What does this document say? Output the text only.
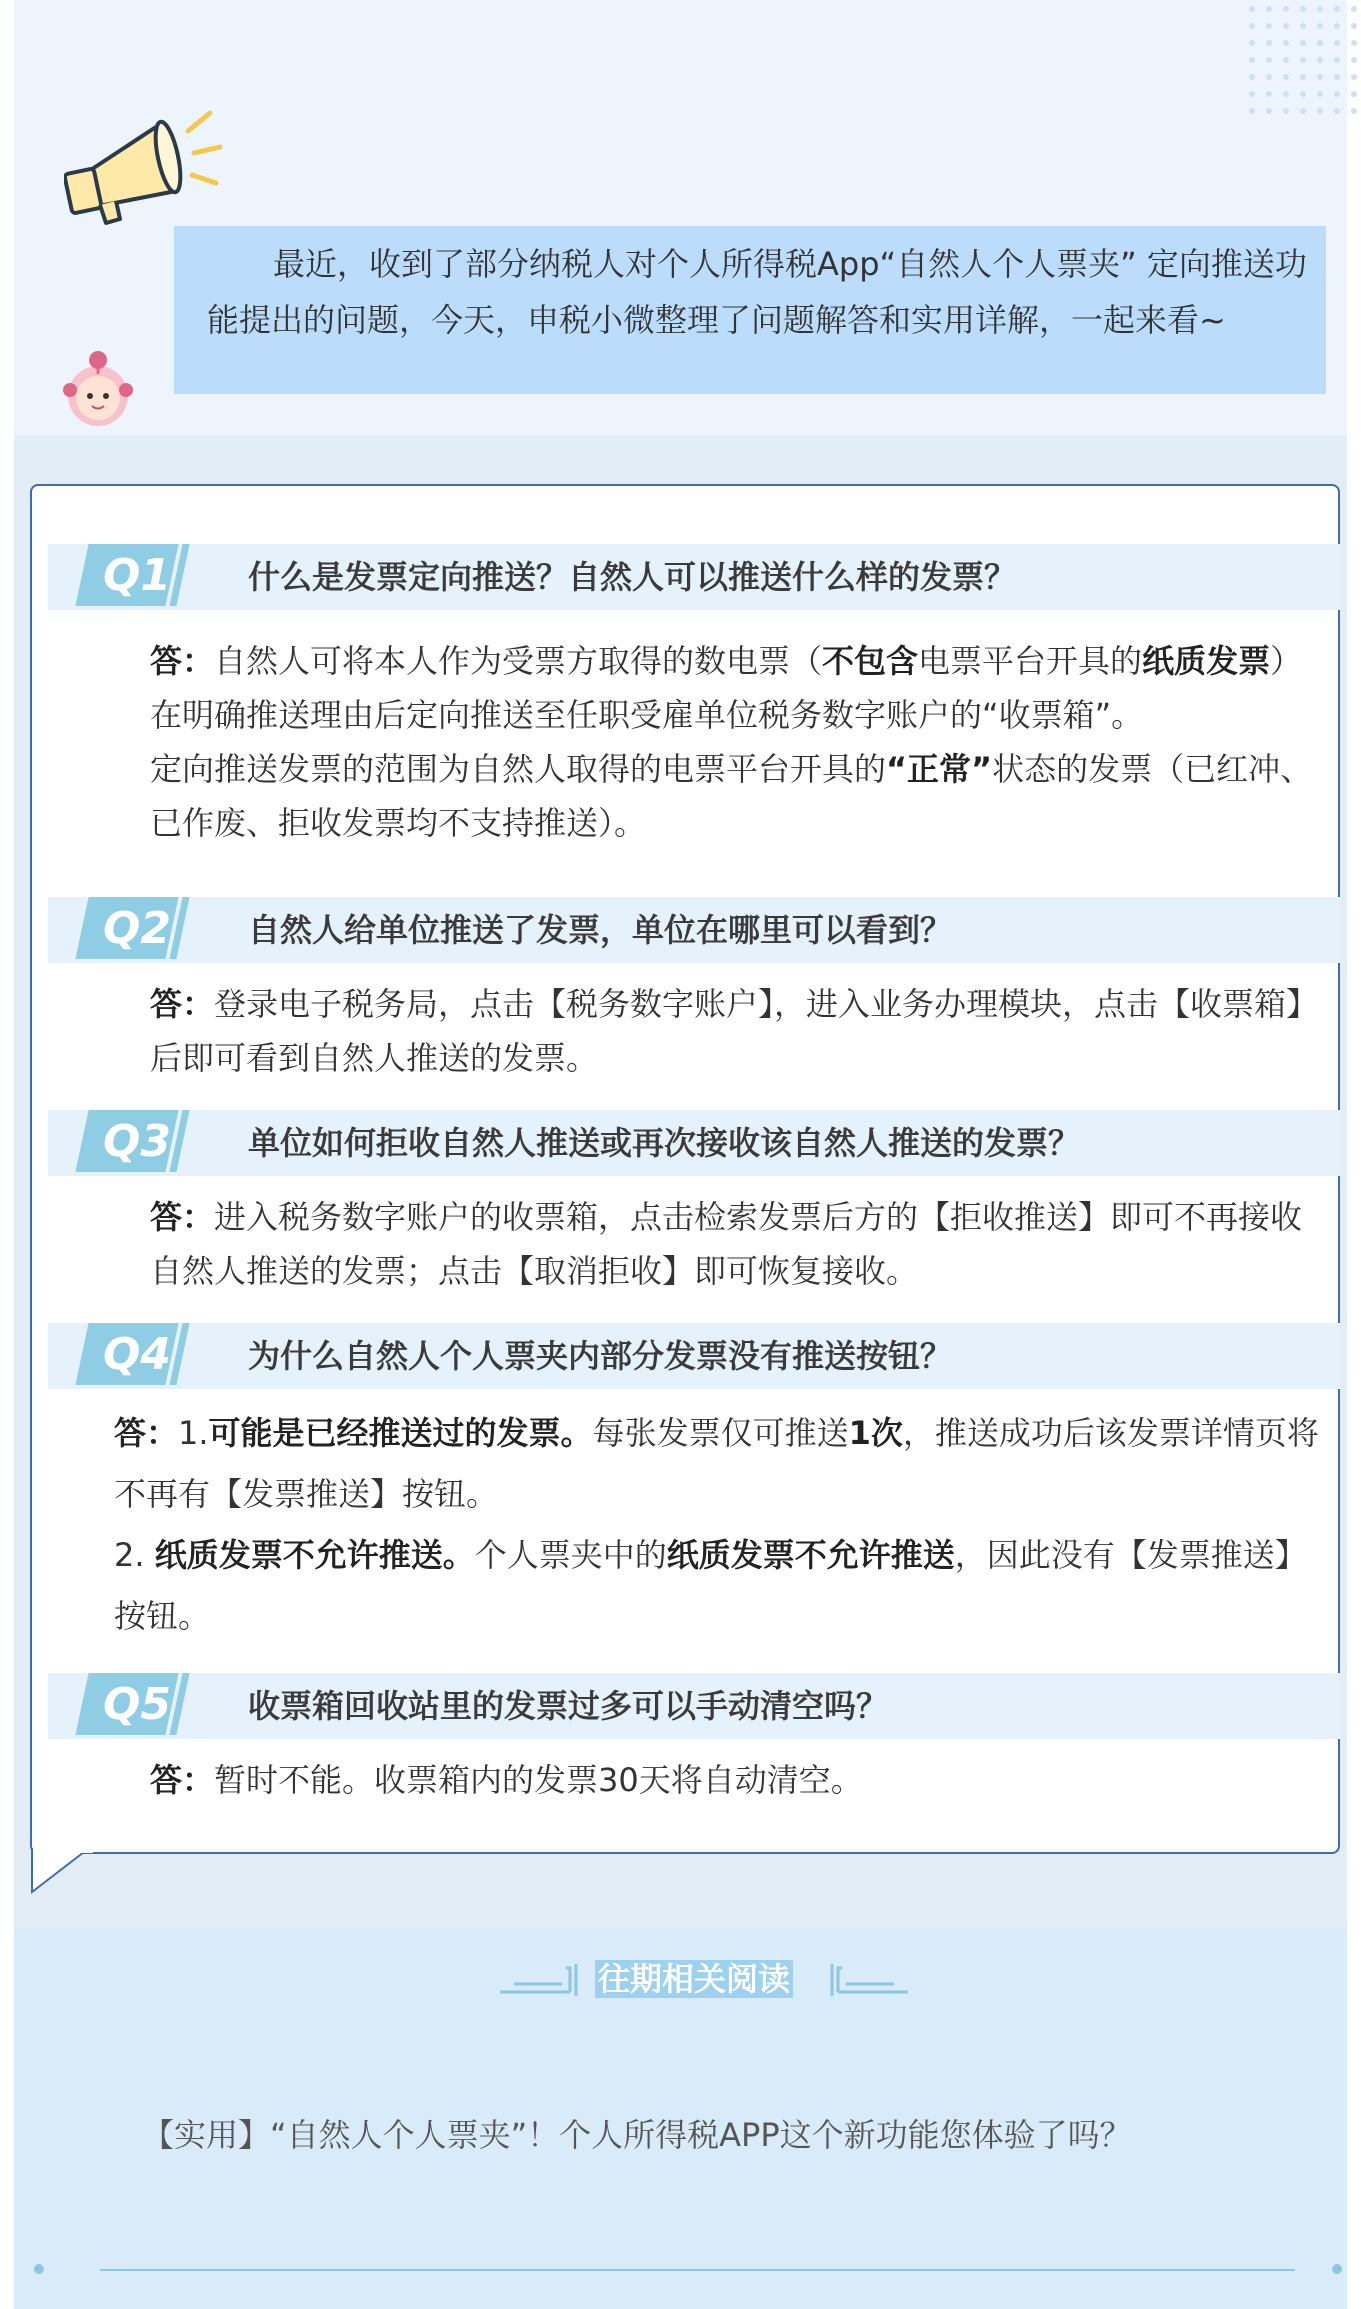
最近，收到了部分纳税人对个人所得税App“自然人个人票夹” 定向推送功能提出的问题，今天，申税小微整理了问题解答和实用详解，一起来看~
Q1	什么是发票定向推送？自然人可以推送什么样的发票？

答：自然人可将本人作为受票方取得的数电票（不包含电票平台开具的纸质发票）在明确推送理由后定向推送至任职受雇单位税务数字账户的“收票箱”。

定向推送发票的范围为自然人取得的电票平台开具的“正常”状态的发票（已红冲、已作废、拒收发票均不支持推送）。

Q2	自然人给单位推送了发票，单位在哪里可以看到？

答：登录电子税务局，点击【税务数字账户】，进入业务办理模块，点击【收票箱】后即可看到自然人推送的发票。

Q3	单位如何拒收自然人推送或再次接收该自然人推送的发票？

答：进入税务数字账户的收票箱，点击检索发票后方的【拒收推送】即可不再接收自然人推送的发票；点击【取消拒收】即可恢复接收。

Q4	为什么自然人个人票夹内部分发票没有推送按钮？

答：1.可能是已经推送过的发票。每张发票仅可推送1次，推送成功后该发票详情页将不再有【发票推送】按钮。

2. 纸质发票不允许推送。个人票夹中的纸质发票不允许推送，因此没有【发票推送】按钮。

Q5	收票箱回收站里的发票过多可以手动清空吗？

答：暂时不能。收票箱内的发票30天将自动清空。

往期相关阅读
【实用】“自然人个人票夹”！个人所得税APP这个新功能您体验了吗？
